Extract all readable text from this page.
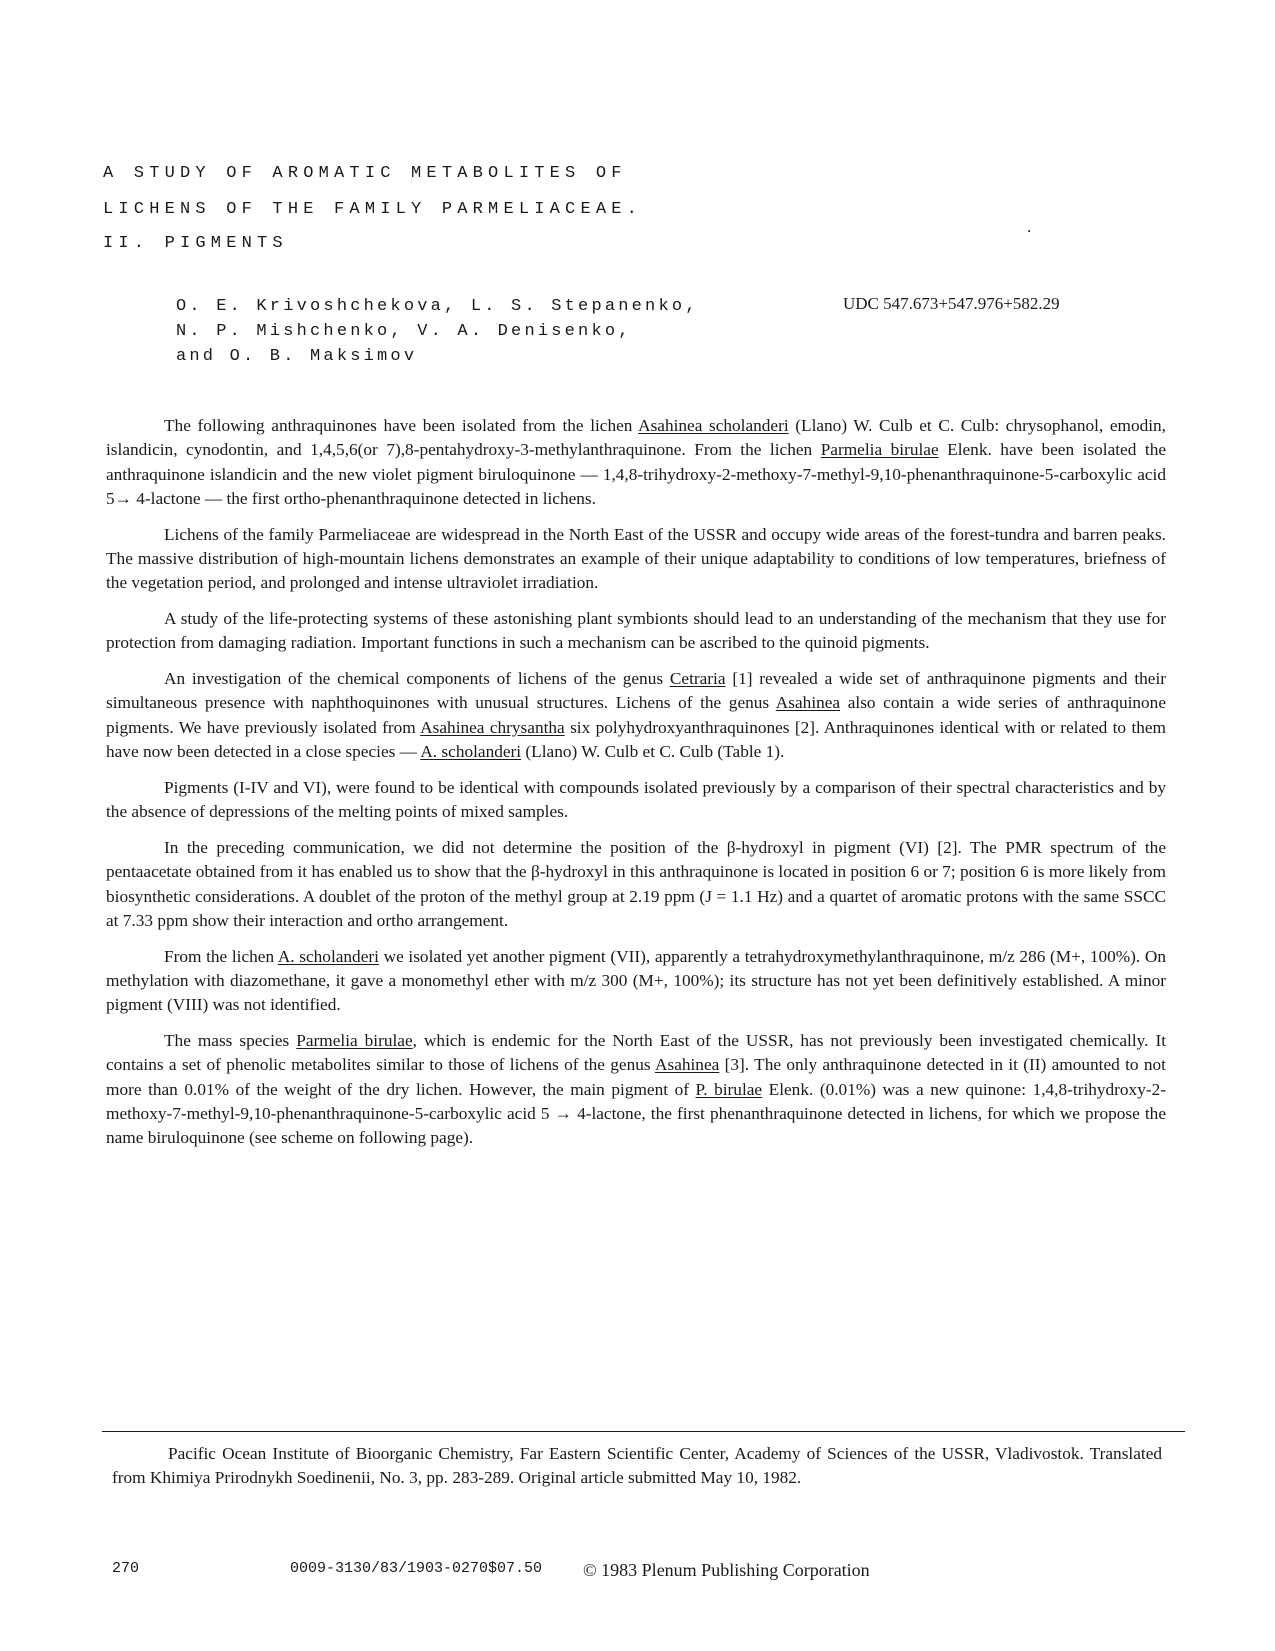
A STUDY OF AROMATIC METABOLITES OF
LICHENS OF THE FAMILY PARMELIACEAE.
II. PIGMENTS
.
O. E. Krivoshchekova, L. S. Stepanenko,
N. P. Mishchenko, V. A. Denisenko,
and O. B. Maksimov
UDC 547.673+547.976+582.29

The following anthraquinones have been isolated from the lichen Asahinea scholanderi (Llano) W. Culb et C. Culb: chrysophanol, emodin, islandicin, cynodontin, and 1,4,5,6(or 7),8-pentahydroxy-3-methylanthraquinone. From the lichen Parmelia birulae Elenk. have been isolated the anthraquinone islandicin and the new violet pigment biruloquinone — 1,4,8-trihydroxy-2-methoxy-7-methyl-9,10-phenanthraquinone-5-carboxylic acid 5→ 4-lactone — the first ortho-phenanthraquinone detected in lichens.

Lichens of the family Parmeliaceae are widespread in the North East of the USSR and occupy wide areas of the forest-tundra and barren peaks. The massive distribution of high-mountain lichens demonstrates an example of their unique adaptability to conditions of low temperatures, briefness of the vegetation period, and prolonged and intense ultraviolet irradiation.

A study of the life-protecting systems of these astonishing plant symbionts should lead to an understanding of the mechanism that they use for protection from damaging radiation. Important functions in such a mechanism can be ascribed to the quinoid pigments.

An investigation of the chemical components of lichens of the genus Cetraria [1] revealed a wide set of anthraquinone pigments and their simultaneous presence with naphthoquinones with unusual structures. Lichens of the genus Asahinea also contain a wide series of anthraquinone pigments. We have previously isolated from Asahinea chrysantha six polyhydroxyanthraquinones [2]. Anthraquinones identical with or related to them have now been detected in a close species — A. scholanderi (Llano) W. Culb et C. Culb (Table 1).

Pigments (I-IV and VI), were found to be identical with compounds isolated previously by a comparison of their spectral characteristics and by the absence of depressions of the melting points of mixed samples.

In the preceding communication, we did not determine the position of the β-hydroxyl in pigment (VI) [2]. The PMR spectrum of the pentaacetate obtained from it has enabled us to show that the β-hydroxyl in this anthraquinone is located in position 6 or 7; position 6 is more likely from biosynthetic considerations. A doublet of the proton of the methyl group at 2.19 ppm (J = 1.1 Hz) and a quartet of aromatic protons with the same SSCC at 7.33 ppm show their interaction and ortho arrangement.

From the lichen A. scholanderi we isolated yet another pigment (VII), apparently a tetrahydroxymethylanthraquinone, m/z 286 (M+, 100%). On methylation with diazomethane, it gave a monomethyl ether with m/z 300 (M+, 100%); its structure has not yet been definitively established. A minor pigment (VIII) was not identified.

The mass species Parmelia birulae, which is endemic for the North East of the USSR, has not previously been investigated chemically. It contains a set of phenolic metabolites similar to those of lichens of the genus Asahinea [3]. The only anthraquinone detected in it (II) amounted to not more than 0.01% of the weight of the dry lichen. However, the main pigment of P. birulae Elenk. (0.01%) was a new quinone: 1,4,8-trihydroxy-2-methoxy-7-methyl-9,10-phenanthraquinone-5-carboxylic acid 5 → 4-lactone, the first phenanthraquinone detected in lichens, for which we propose the name biruloquinone (see scheme on following page).

Pacific Ocean Institute of Bioorganic Chemistry, Far Eastern Scientific Center, Academy of Sciences of the USSR, Vladivostok. Translated from Khimiya Prirodnykh Soedinenii, No. 3, pp. 283-289. Original article submitted May 10, 1982.

270	0009-3130/83/1903-0270$07.50 © 1983 Plenum Publishing Corporation
